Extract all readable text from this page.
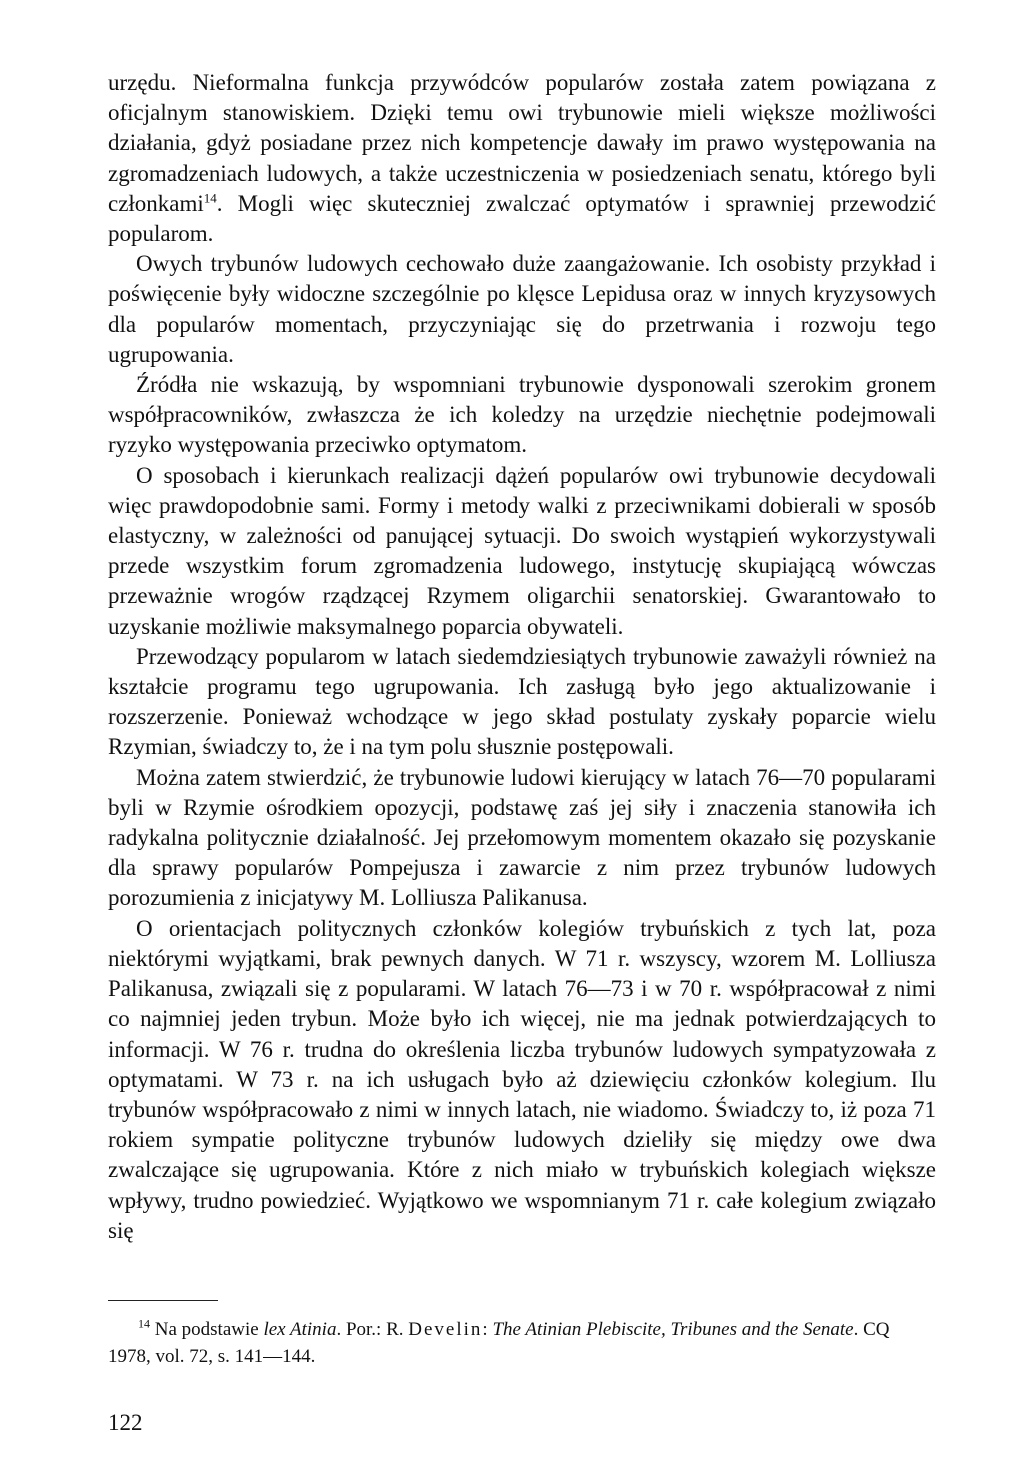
urzędu. Nieformalna funkcja przywódców popularów została zatem powiązana z oficjalnym stanowiskiem. Dzięki temu owi trybunowie mieli większe możliwości działania, gdyż posiadane przez nich kompetencje dawały im prawo występowania na zgromadzeniach ludowych, a także uczestniczenia w posiedzeniach senatu, którego byli członkami$^{14}$. Mogli więc skuteczniej zwalczać optymatów i sprawniej przewodzić popularom.

Owych trybunów ludowych cechowało duże zaangażowanie. Ich osobisty przykład i poświęcenie były widoczne szczególnie po klęsce Lepidusa oraz w innych kryzysowych dla popularów momentach, przyczyniając się do przetrwania i rozwoju tego ugrupowania.

Źródła nie wskazują, by wspomniani trybunowie dysponowali szerokim gronem współpracowników, zwłaszcza że ich koledzy na urzędzie niechętnie podejmowali ryzyko występowania przeciwko optymatom.

O sposobach i kierunkach realizacji dążeń popularów owi trybunowie decydowali więc prawdopodobnie sami. Formy i metody walki z przeciwnikami dobierali w sposób elastyczny, w zależności od panującej sytuacji. Do swoich wystąpień wykorzystywali przede wszystkim forum zgromadzenia ludowego, instytucję skupiającą wówczas przeważnie wrogów rządzącej Rzymem oligarchii senatorskiej. Gwarantowało to uzyskanie możliwie maksymalnego poparcia obywateli.

Przewodzący popularom w latach siedemdziesiątych trybunowie zaważyli również na kształcie programu tego ugrupowania. Ich zasługą było jego aktualizowanie i rozszerzenie. Ponieważ wchodzące w jego skład postulaty zyskały poparcie wielu Rzymian, świadczy to, że i na tym polu słusznie postępowali.

Można zatem stwierdzić, że trybunowie ludowi kierujący w latach 76—70 popularami byli w Rzymie ośrodkiem opozycji, podstawę zaś jej siły i znaczenia stanowiła ich radykalna politycznie działalność. Jej przełomowym momentem okazało się pozyskanie dla sprawy popularów Pompejusza i zawarcie z nim przez trybunów ludowych porozumienia z inicjatywy M. Lolliusza Palikanusa.

O orientacjach politycznych członków kolegiów trybuńskich z tych lat, poza niektórymi wyjątkami, brak pewnych danych. W 71 r. wszyscy, wzorem M. Lolliusza Palikanusa, związali się z popularami. W latach 76—73 i w 70 r. współpracował z nimi co najmniej jeden trybun. Może było ich więcej, nie ma jednak potwierdzających to informacji. W 76 r. trudna do określenia liczba trybunów ludowych sympatyzowała z optymatami. W 73 r. na ich usługach było aż dziewięciu członków kolegium. Ilu trybunów współpracowało z nimi w innych latach, nie wiadomo. Świadczy to, iż poza 71 rokiem sympatie polityczne trybunów ludowych dzieliły się między owe dwa zwalczające się ugrupowania. Które z nich miało w trybuńskich kolegiach większe wpływy, trudno powiedzieć. Wyjątkowo we wspomnianym 71 r. całe kolegium związało się

$^{14}$ Na podstawie lex Atinia. Por.: R. Develin: The Atinian Plebiscite, Tribunes and the Senate. CQ 1978, vol. 72, s. 141—144.

122
